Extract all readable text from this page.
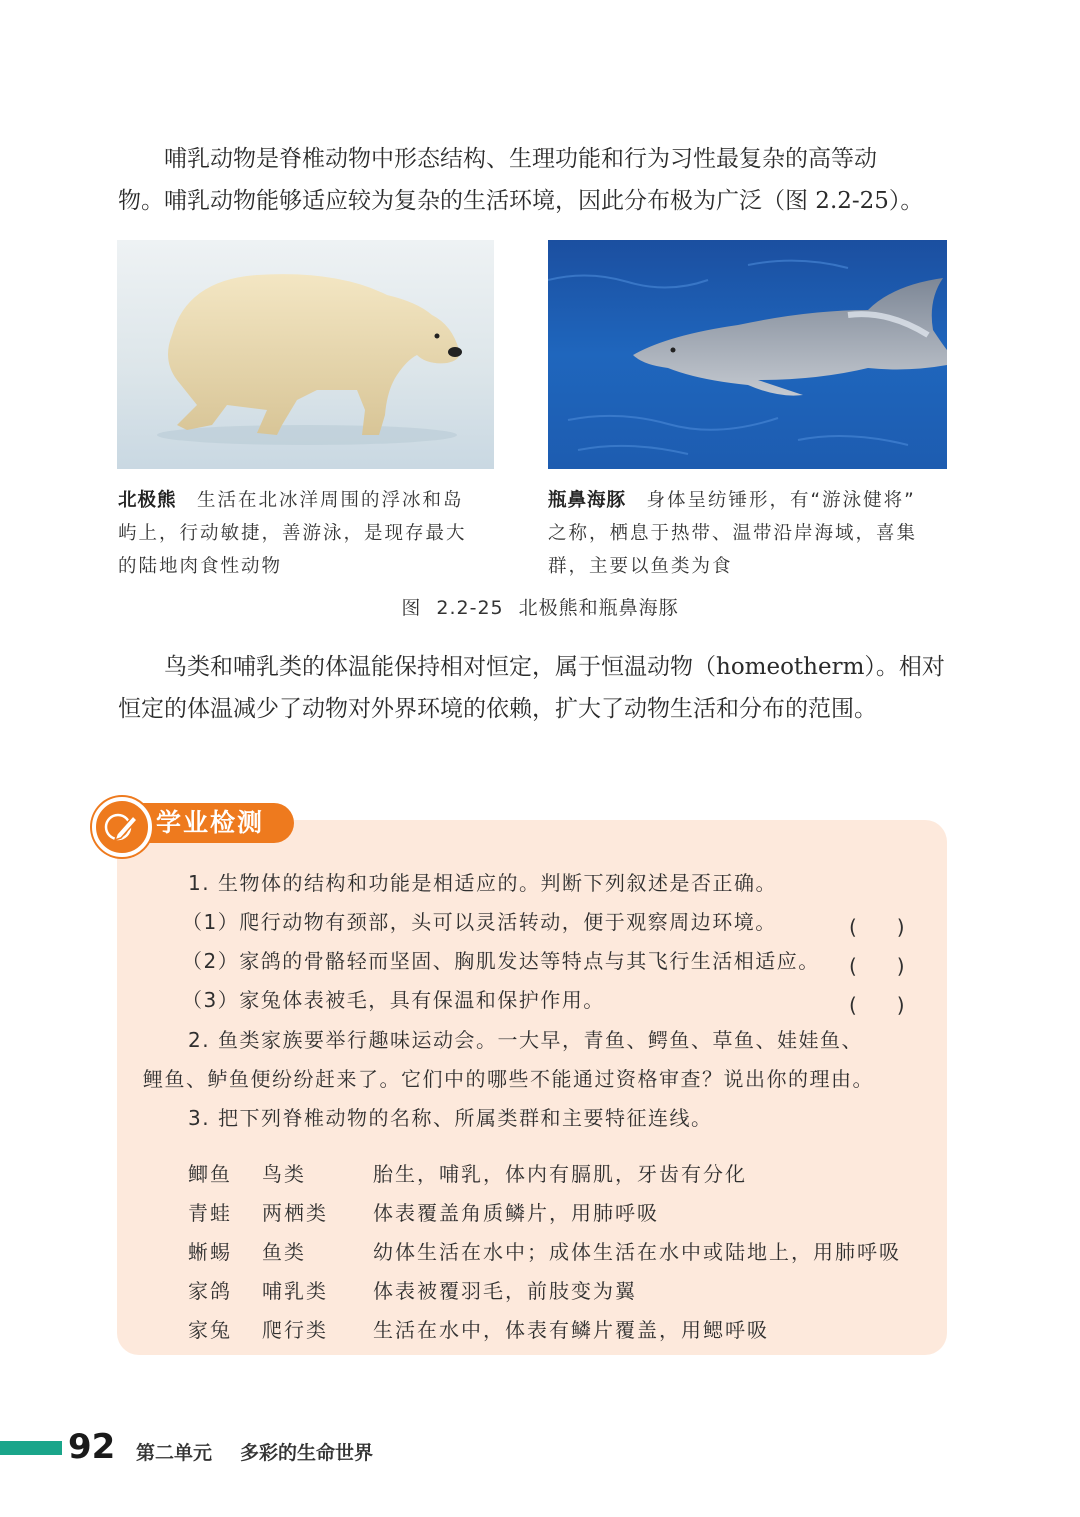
　　哺乳动物是脊椎动物中形态结构、生理功能和行为习性最复杂的高等动
物。哺乳动物能够适应较为复杂的生活环境，因此分布极为广泛（图 2.2-25）。

北极熊　 生活在北冰洋周围的浮冰和岛
屿上，行动敏捷，善游泳，是现存最大
的陆地肉食性动物
瓶鼻海豚　 身体呈纺锤形，有“游泳健将”
之称，栖息于热带、温带沿岸海域，喜集
群，主要以鱼类为食
图 2.2-25 北极熊和瓶鼻海豚

　　鸟类和哺乳类的体温能保持相对恒定，属于恒温动物（homeotherm）。相对
恒定的体温减少了动物对外界环境的依赖，扩大了动物生活和分布的范围。

学业检测
1. 生物体的结构和功能是相适应的。判断下列叙述是否正确。
（1）爬行动物有颈部，头可以灵活转动，便于观察周边环境。	(　　)
（2）家鸽的骨骼轻而坚固、胸肌发达等特点与其飞行生活相适应。 (　　)
（3）家兔体表被毛，具有保温和保护作用。	(　　)
2. 鱼类家族要举行趣味运动会。一大早，青鱼、鳄鱼、草鱼、娃娃鱼、
鲤鱼、鲈鱼便纷纷赶来了。它们中的哪些不能通过资格审查？说出你的理由。
3. 把下列脊椎动物的名称、所属类群和主要特征连线。
鲫鱼 鸟类	胎生，哺乳，体内有膈肌，牙齿有分化
青蛙 两栖类 体表覆盖角质鳞片，用肺呼吸
蜥蜴 鱼类	幼体生活在水中；成体生活在水中或陆地上，用肺呼吸
家鸽 哺乳类 体表被覆羽毛，前肢变为翼
家兔 爬行类 生活在水中，体表有鳞片覆盖，用鳃呼吸
92 第二单元 多彩的生命世界
